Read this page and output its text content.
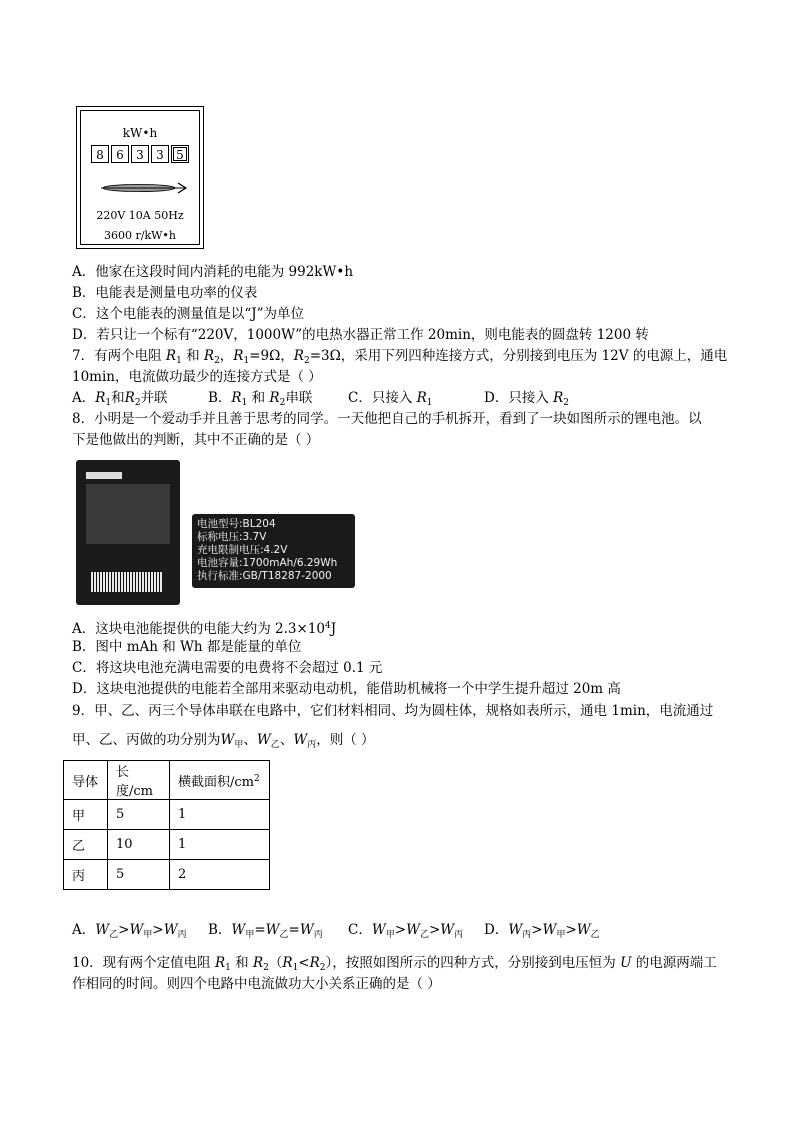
kW•h
8	6	3	3	5
220V 10A 50Hz
3600 r/kW•h
A．他家在这段时间内消耗的电能为 992kW•h
B．电能表是测量电功率的仪表
C．这个电能表的测量值是以“J”为单位
D．若只让一个标有“220V，1000W”的电热水器正常工作 20min，则电能表的圆盘转 1200 转
7．有两个电阻 $R_1$ 和 $R_2$，$R_1=9\Omega$，$R_2=3\Omega$，采用下列四种连接方式，分别接到电压为 12V 的电源上，通电
10min，电流做功最少的连接方式是（ ）
A．$R_1$和$R_2$并联	B．$R_1$ 和 $R_2$串联	C．只接入 $R_1$	D．只接入 $R_2$
8．小明是一个爱动手并且善于思考的同学。一天他把自己的手机拆开，看到了一块如图所示的锂电池。以
下是他做出的判断，其中不正确的是（ ）
电池型号:BL204
标称电压:3.7V
充电限制电压:4.2V
电池容量:1700mAh/6.29Wh
执行标准:GB/T18287-2000
A．这块电池能提供的电能大约为 $2.3\times 10^4J$
B．图中 mAh 和 Wh 都是能量的单位
C．将这块电池充满电需要的电费将不会超过 0.1 元
D．这块电池提供的电能若全部用来驱动电动机，能借助机械将一个中学生提升超过 20m 高
9．甲、乙、丙三个导体串联在电路中，它们材料相同、均为圆柱体，规格如表所示，通电 1min，电流通过
甲、乙、丙做的功分别为$W_甲$、$W_乙$、$W_丙$，则（ ）
导体	长度/cm	横截面积$/cm^2$
甲	5	1
乙	10	1
丙	5	2
A．$W_乙>W_甲>W_丙$ B．$W_甲=W_乙=W_丙$ C．$W_甲>W_乙>W_丙$ D．$W_丙>W_甲>W_乙$
10．现有两个定值电阻 $R_1$ 和 $R_2(R_1<R_2)$，按照如图所示的四种方式，分别接到电压恒为 U 的电源两端工
作相同的时间。则四个电路中电流做功大小关系正确的是（ ）
